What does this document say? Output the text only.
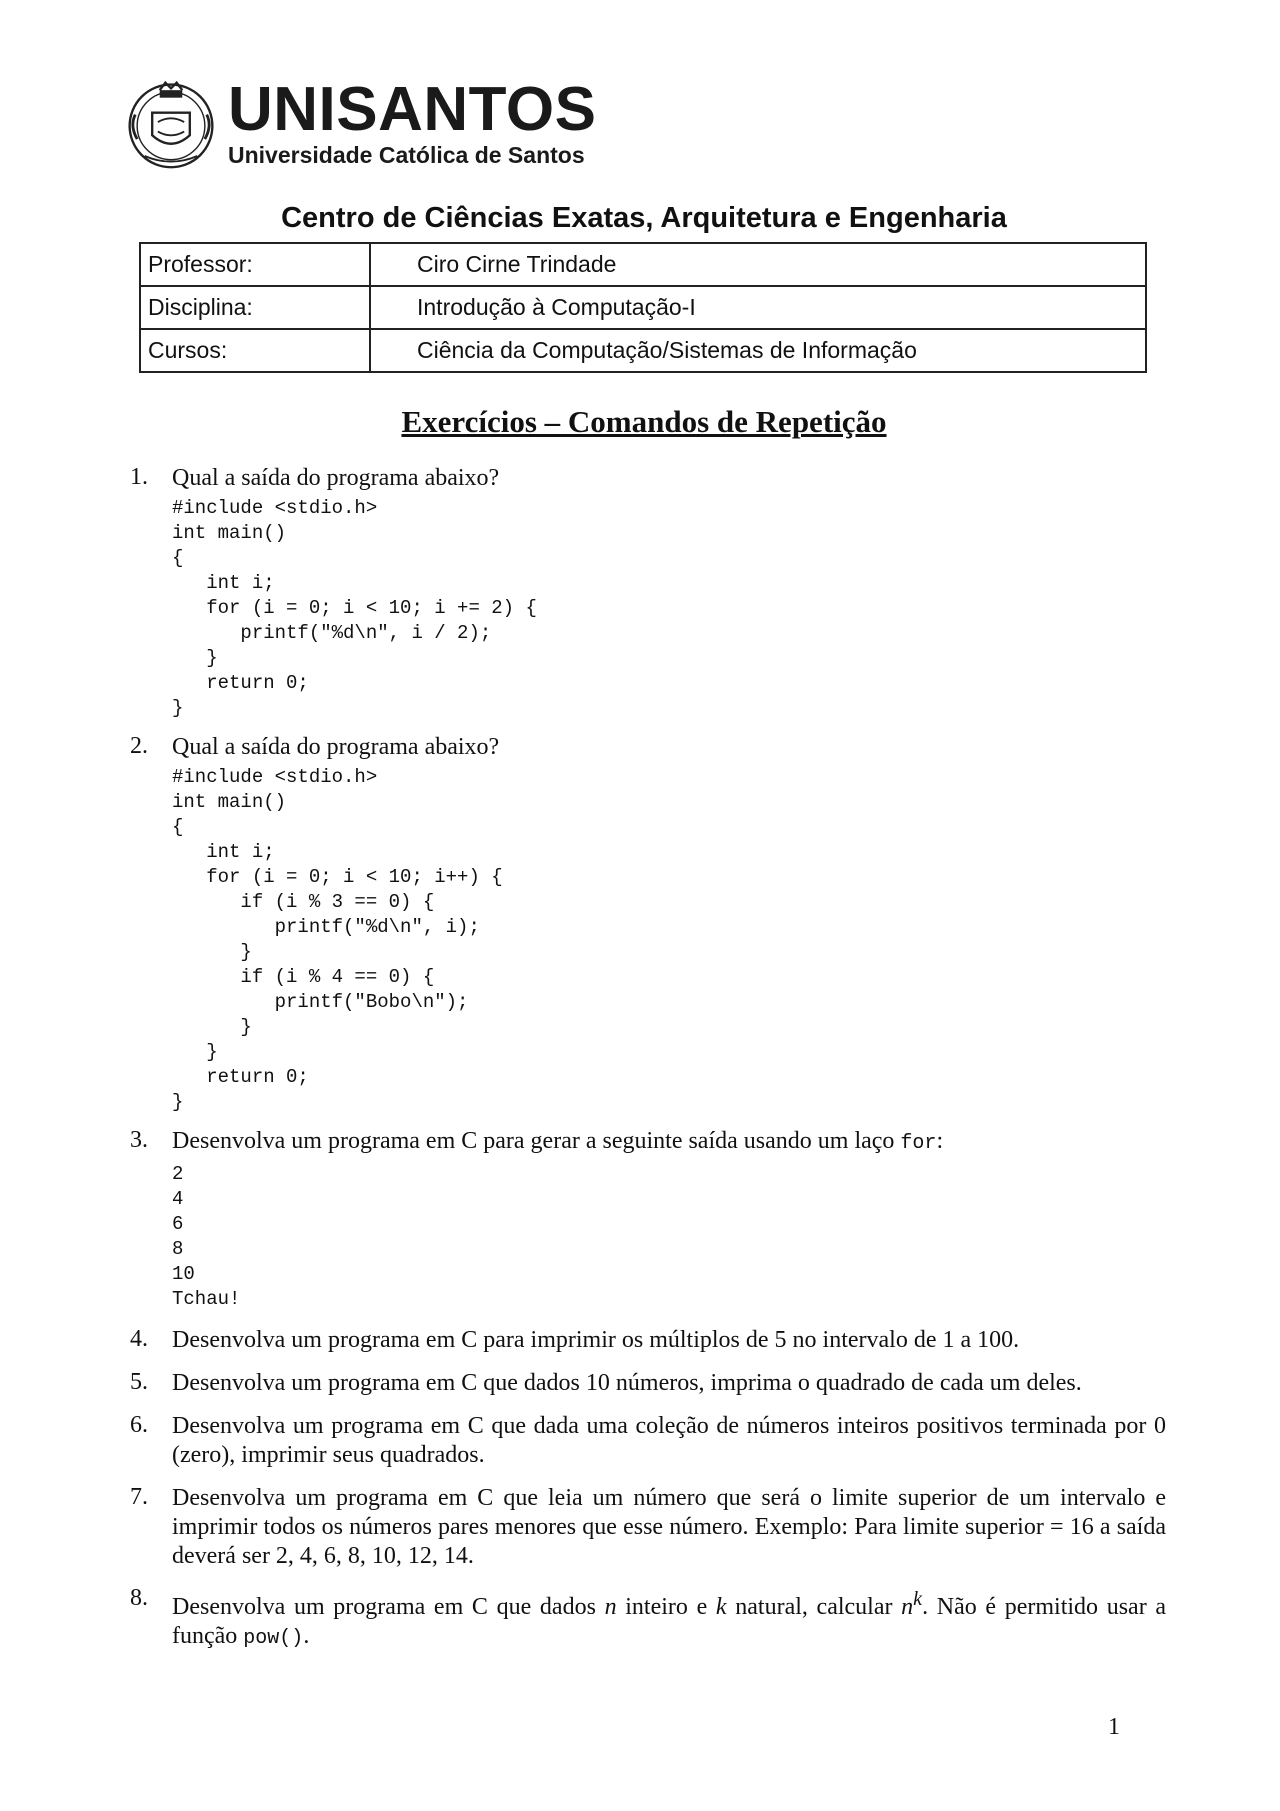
UNISANTOS
Universidade Católica de Santos
Centro de Ciências Exatas, Arquitetura e Engenharia
Professor:	Ciro Cirne Trindade
Disciplina:	Introdução à Computação-I
Cursos:	Ciência da Computação/Sistemas de Informação
Exercícios – Comandos de Repetição
1.	Qual a saída do programa abaixo?
#include <stdio.h>
int main()
{
int i;
for (i = 0; i < 10; i += 2) {
printf("%d\n", i / 2);
}
return 0;
}
2.	Qual a saída do programa abaixo?
#include <stdio.h>
int main()
{
int i;
for (i = 0; i < 10; i++) {
if (i % 3 == 0) {
printf("%d\n", i);
}
if (i % 4 == 0) {
printf("Bobo\n");
}
}
return 0;
}
3.	Desenvolva um programa em C para gerar a seguinte saída usando um laço for:
2
4
6
8
10
Tchau!
4.	Desenvolva um programa em C para imprimir os múltiplos de 5 no intervalo de 1 a 100.
5.	Desenvolva um programa em C que dados 10 números, imprima o quadrado de cada um deles.
6.	Desenvolva um programa em C que dada uma coleção de números inteiros positivos terminada por 0 (zero), imprimir seus quadrados.
7.	Desenvolva um programa em C que leia um número que será o limite superior de um intervalo e imprimir todos os números pares menores que esse número. Exemplo: Para limite superior = 16 a saída deverá ser 2, 4, 6, 8, 10, 12, 14.
8.	Desenvolva um programa em C que dados n inteiro e k natural, calcular $n^k$. Não é permitido usar a função pow().
1
